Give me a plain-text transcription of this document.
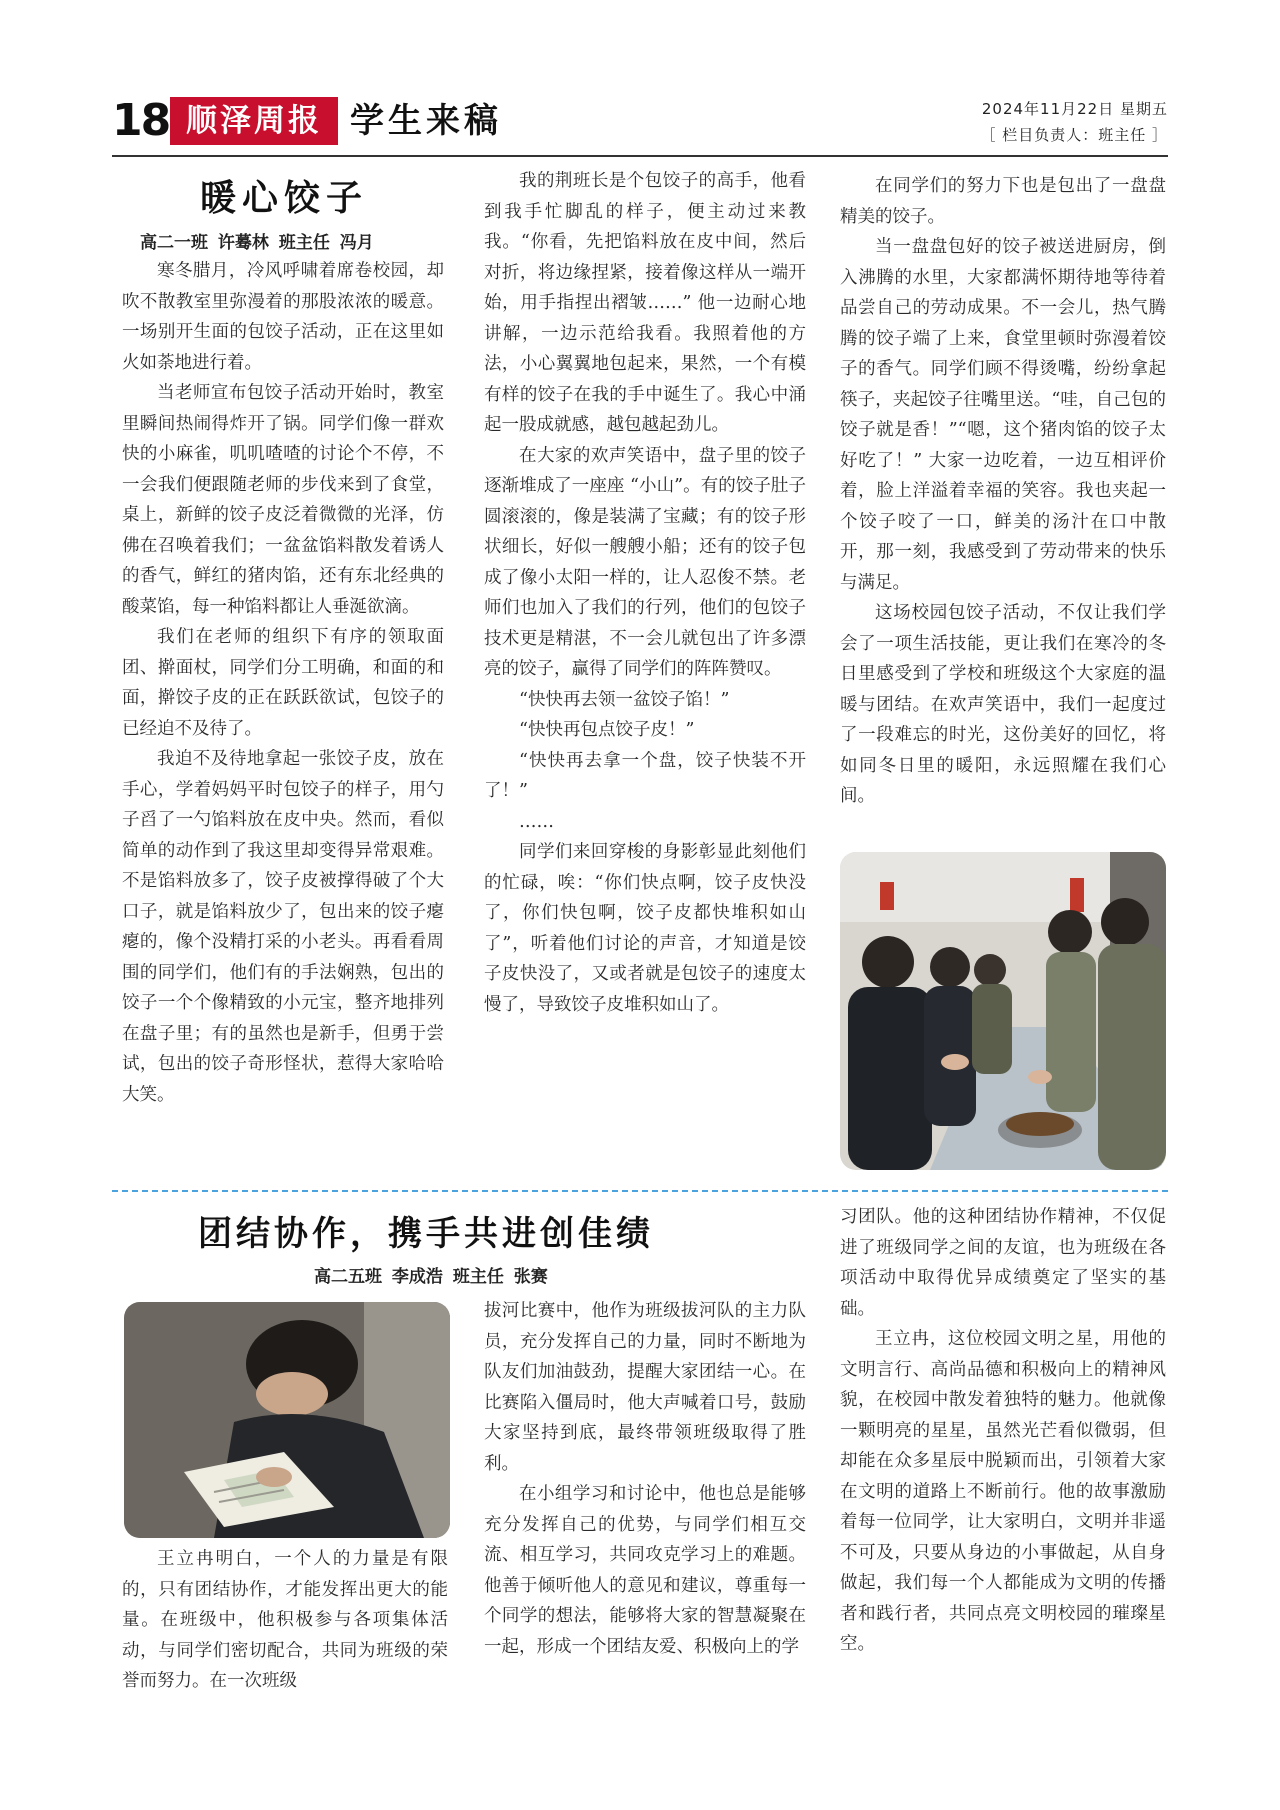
18 顺泽周报 学生来稿	2024年11月22日 星期五
［ 栏目负责人：班主任 ］
暖心饺子
高二一班 许蓦林 班主任 冯月

寒冬腊月，冷风呼啸着席卷校园，却吹不散教室里弥漫着的那股浓浓的暖意。一场别开生面的包饺子活动，正在这里如火如荼地进行着。

当老师宣布包饺子活动开始时，教室里瞬间热闹得炸开了锅。同学们像一群欢快的小麻雀，叽叽喳喳的讨论个不停，不一会我们便跟随老师的步伐来到了食堂，桌上，新鲜的饺子皮泛着微微的光泽，仿佛在召唤着我们；一盆盆馅料散发着诱人的香气，鲜红的猪肉馅，还有东北经典的酸菜馅，每一种馅料都让人垂涎欲滴。

我们在老师的组织下有序的领取面团、擀面杖，同学们分工明确，和面的和面，擀饺子皮的正在跃跃欲试，包饺子的已经迫不及待了。

我迫不及待地拿起一张饺子皮，放在手心，学着妈妈平时包饺子的样子，用勺子舀了一勺馅料放在皮中央。然而，看似简单的动作到了我这里却变得异常艰难。不是馅料放多了，饺子皮被撑得破了个大口子，就是馅料放少了，包出来的饺子瘪瘪的，像个没精打采的小老头。再看看周围的同学们，他们有的手法娴熟，包出的饺子一个个像精致的小元宝，整齐地排列在盘子里；有的虽然也是新手，但勇于尝试，包出的饺子奇形怪状，惹得大家哈哈大笑。

我的荆班长是个包饺子的高手，他看到我手忙脚乱的样子，便主动过来教我。“你看，先把馅料放在皮中间，然后对折，将边缘捏紧，接着像这样从一端开始，用手指捏出褶皱……” 他一边耐心地讲解，一边示范给我看。我照着他的方法，小心翼翼地包起来，果然，一个有模有样的饺子在我的手中诞生了。我心中涌起一股成就感，越包越起劲儿。

在大家的欢声笑语中，盘子里的饺子逐渐堆成了一座座 “小山”。有的饺子肚子圆滚滚的，像是装满了宝藏；有的饺子形状细长，好似一艘艘小船；还有的饺子包成了像小太阳一样的，让人忍俊不禁。老师们也加入了我们的行列，他们的包饺子技术更是精湛，不一会儿就包出了许多漂亮的饺子，赢得了同学们的阵阵赞叹。

“快快再去领一盆饺子馅！”

“快快再包点饺子皮！”

“快快再去拿一个盘，饺子快装不开了！”

……

同学们来回穿梭的身影彰显此刻他们的忙碌，唉：“你们快点啊，饺子皮快没了，你们快包啊，饺子皮都快堆积如山了”，听着他们讨论的声音，才知道是饺子皮快没了，又或者就是包饺子的速度太慢了，导致饺子皮堆积如山了。

在同学们的努力下也是包出了一盘盘精美的饺子。

当一盘盘包好的饺子被送进厨房，倒入沸腾的水里，大家都满怀期待地等待着品尝自己的劳动成果。不一会儿，热气腾腾的饺子端了上来，食堂里顿时弥漫着饺子的香气。同学们顾不得烫嘴，纷纷拿起筷子，夹起饺子往嘴里送。“哇，自己包的饺子就是香！”“嗯，这个猪肉馅的饺子太好吃了！” 大家一边吃着，一边互相评价着，脸上洋溢着幸福的笑容。我也夹起一个饺子咬了一口，鲜美的汤汁在口中散开，那一刻，我感受到了劳动带来的快乐与满足。

这场校园包饺子活动，不仅让我们学会了一项生活技能，更让我们在寒冷的冬日里感受到了学校和班级这个大家庭的温暖与团结。在欢声笑语中，我们一起度过了一段难忘的时光，这份美好的回忆，将如同冬日里的暖阳，永远照耀在我们心间。

团结协作，携手共进创佳绩
高二五班 李成浩 班主任 张赛

王立冉明白，一个人的力量是有限的，只有团结协作，才能发挥出更大的能量。在班级中，他积极参与各项集体活动，与同学们密切配合，共同为班级的荣誉而努力。在一次班级

拔河比赛中，他作为班级拔河队的主力队员，充分发挥自己的力量，同时不断地为队友们加油鼓劲，提醒大家团结一心。在比赛陷入僵局时，他大声喊着口号，鼓励大家坚持到底，最终带领班级取得了胜利。

在小组学习和讨论中，他也总是能够充分发挥自己的优势，与同学们相互交流、相互学习，共同攻克学习上的难题。他善于倾听他人的意见和建议，尊重每一个同学的想法，能够将大家的智慧凝聚在一起，形成一个团结友爱、积极向上的学

习团队。他的这种团结协作精神，不仅促进了班级同学之间的友谊，也为班级在各项活动中取得优异成绩奠定了坚实的基础。

王立冉，这位校园文明之星，用他的文明言行、高尚品德和积极向上的精神风貌，在校园中散发着独特的魅力。他就像一颗明亮的星星，虽然光芒看似微弱，但却能在众多星辰中脱颖而出，引领着大家在文明的道路上不断前行。他的故事激励着每一位同学，让大家明白，文明并非遥不可及，只要从身边的小事做起，从自身做起，我们每一个人都能成为文明的传播者和践行者，共同点亮文明校园的璀璨星空。
